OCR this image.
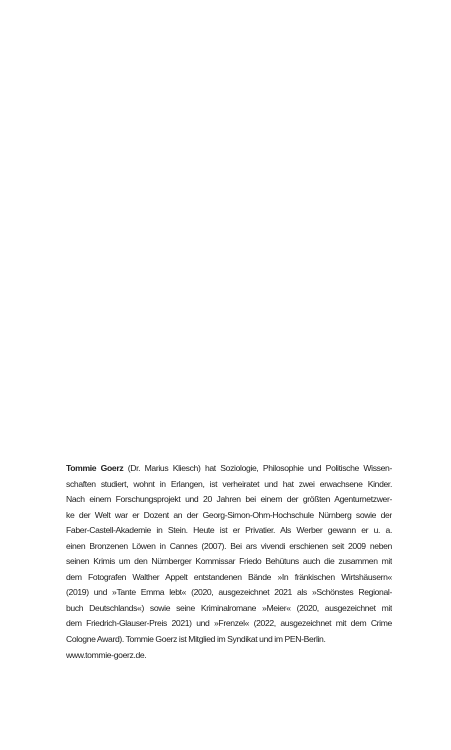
Tommie Goerz (Dr. Marius Kliesch) hat Soziologie, Philosophie und Politische Wissen-
schaften studiert, wohnt in Erlangen, ist verheiratet und hat zwei erwachsene Kinder.
Nach einem Forschungsprojekt und 20 Jahren bei einem der größten Agenturnetzwer-
ke der Welt war er Dozent an der Georg-Simon-Ohm-Hochschule Nürnberg sowie der
Faber-Castell-Akademie in Stein. Heute ist er Privatier. Als Werber gewann er u. a.
einen Bronzenen Löwen in Cannes (2007). Bei ars vivendi erschienen seit 2009 neben
seinen Krimis um den Nürnberger Kommissar Friedo Behütuns auch die zusammen mit
dem Fotografen Walther Appelt entstandenen Bände »In fränkischen Wirtshäusern«
(2019) und »Tante Emma lebt« (2020, ausgezeichnet 2021 als »Schönstes Regional-
buch Deutschlands«) sowie seine Kriminalromane »Meier« (2020, ausgezeichnet mit
dem Friedrich-Glauser-Preis 2021) und »Frenzel« (2022, ausgezeichnet mit dem Crime
Cologne Award). Tommie Goerz ist Mitglied im Syndikat und im PEN-Berlin.
www.tommie-goerz.de.
